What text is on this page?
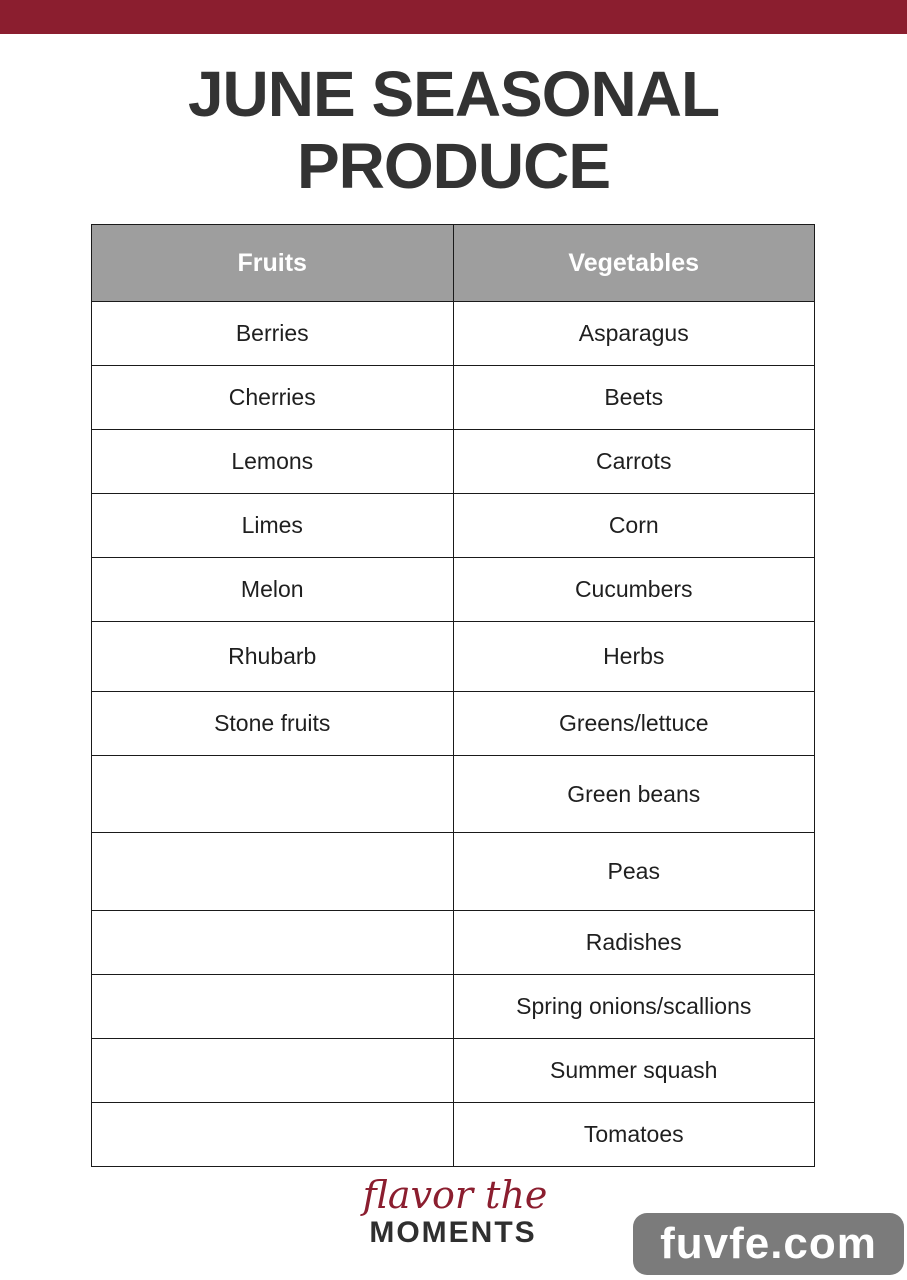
JUNE SEASONAL
PRODUCE
Fruits	Vegetables
Berries	Asparagus
Cherries	Beets
Lemons	Carrots
Limes	Corn
Melon	Cucumbers
Rhubarb	Herbs
Stone fruits	Greens/lettuce
	Green beans
	Peas
	Radishes
	Spring onions/scallions
	Summer squash
	Tomatoes
flavor the
MOMENTS	fuvfe.com
